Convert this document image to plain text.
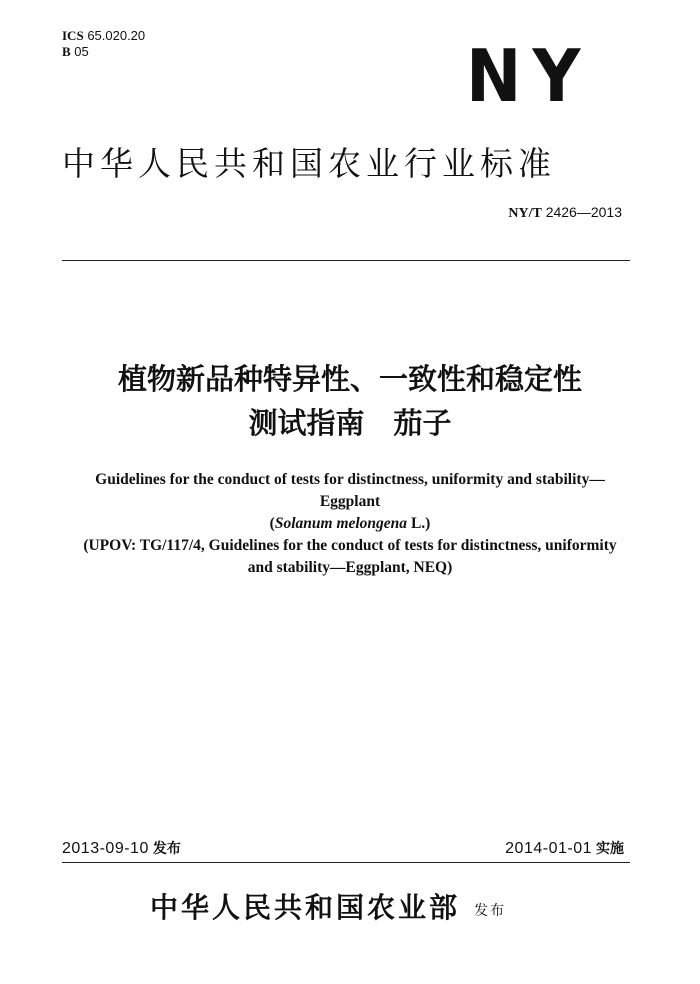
ICS 65.020.20
B 05	NY
中华人民共和国农业行业标准
NY/T 2426—2013
植物新品种特异性、一致性和稳定性
测试指南　茄子
Guidelines for the conduct of tests for distinctness, uniformity and stability—
Eggplant
(Solanum melongena L.)
(UPOV: TG/117/4, Guidelines for the conduct of tests for distinctness, uniformity
and stability—Eggplant, NEQ)
2013-09-10 发布	2014-01-01 实施
中华人民共和国农业部 发布
